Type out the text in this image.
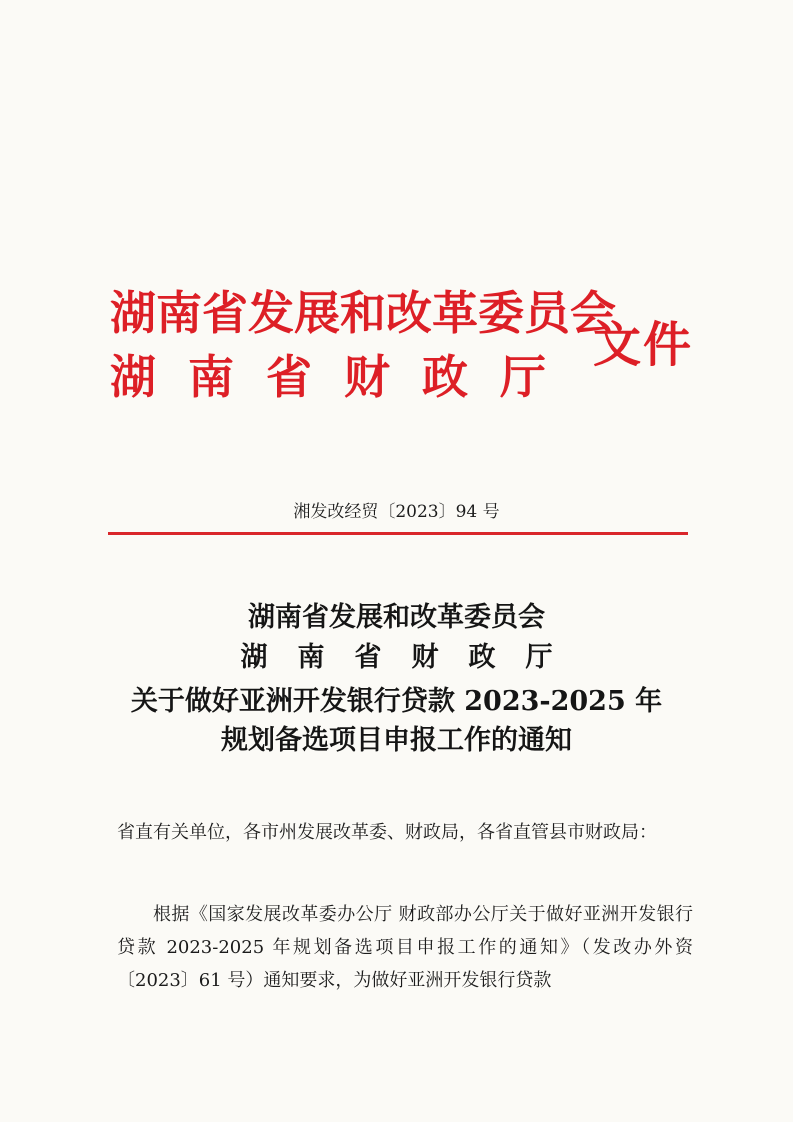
湖南省发展和改革委员会
湖南省财政厅
文件
湘发改经贸〔2023〕94 号
湖南省发展和改革委员会
湖南省财政厅
关于做好亚洲开发银行贷款 2023-2025 年
规划备选项目申报工作的通知
省直有关单位，各市州发展改革委、财政局，各省直管县市财政局：
根据《国家发展改革委办公厅 财政部办公厅关于做好亚洲开发银行贷款 2023-2025 年规划备选项目申报工作的通知》（发改办外资〔2023〕61 号）通知要求，为做好亚洲开发银行贷款
